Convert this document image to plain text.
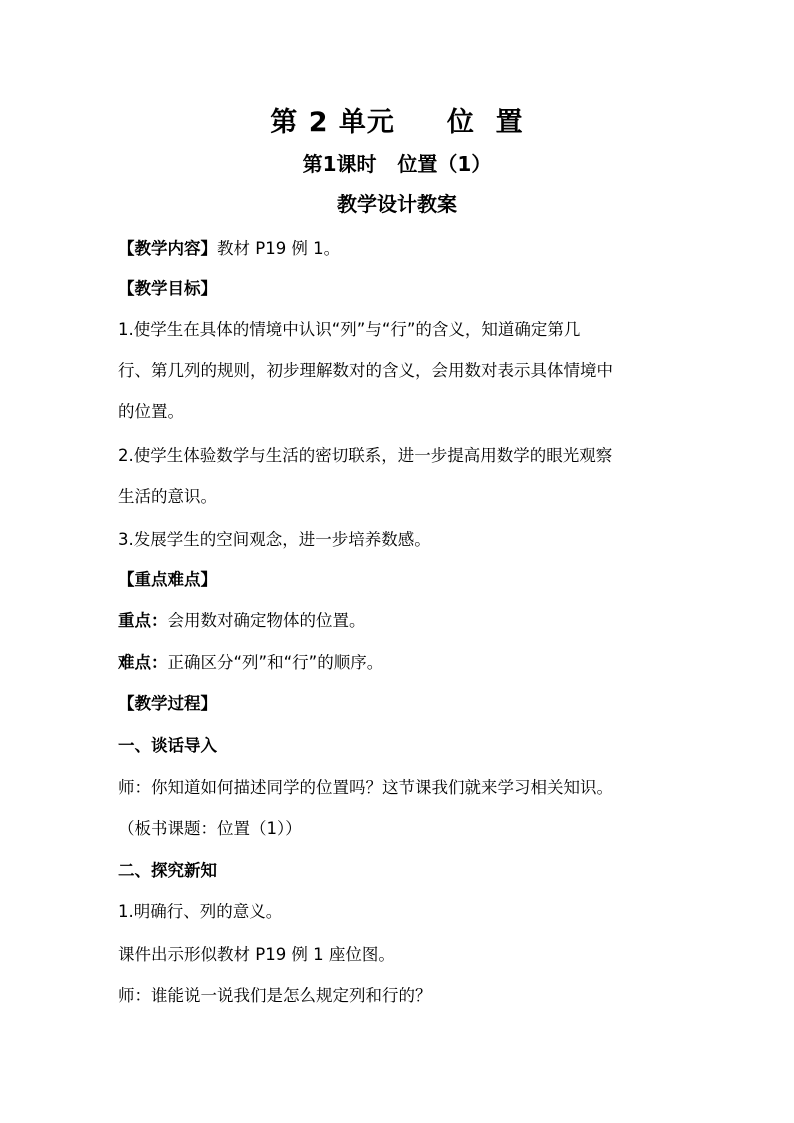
第 2 单元     位  置
第1课时   位置（1）
教学设计教案
【教学内容】教材 P19 例 1。
【教学目标】
1.使学生在具体的情境中认识“列”与“行”的含义，知道确定第几
行、第几列的规则，初步理解数对的含义，会用数对表示具体情境中
的位置。
2.使学生体验数学与生活的密切联系，进一步提高用数学的眼光观察
生活的意识。
3.发展学生的空间观念，进一步培养数感。
【重点难点】
重点：会用数对确定物体的位置。
难点：正确区分“列”和“行”的顺序。
【教学过程】
一、谈话导入
师：你知道如何描述同学的位置吗？这节课我们就来学习相关知识。
（板书课题：位置（1））
二、探究新知
1.明确行、列的意义。
课件出示形似教材 P19 例 1 座位图。
师：谁能说一说我们是怎么规定列和行的？
